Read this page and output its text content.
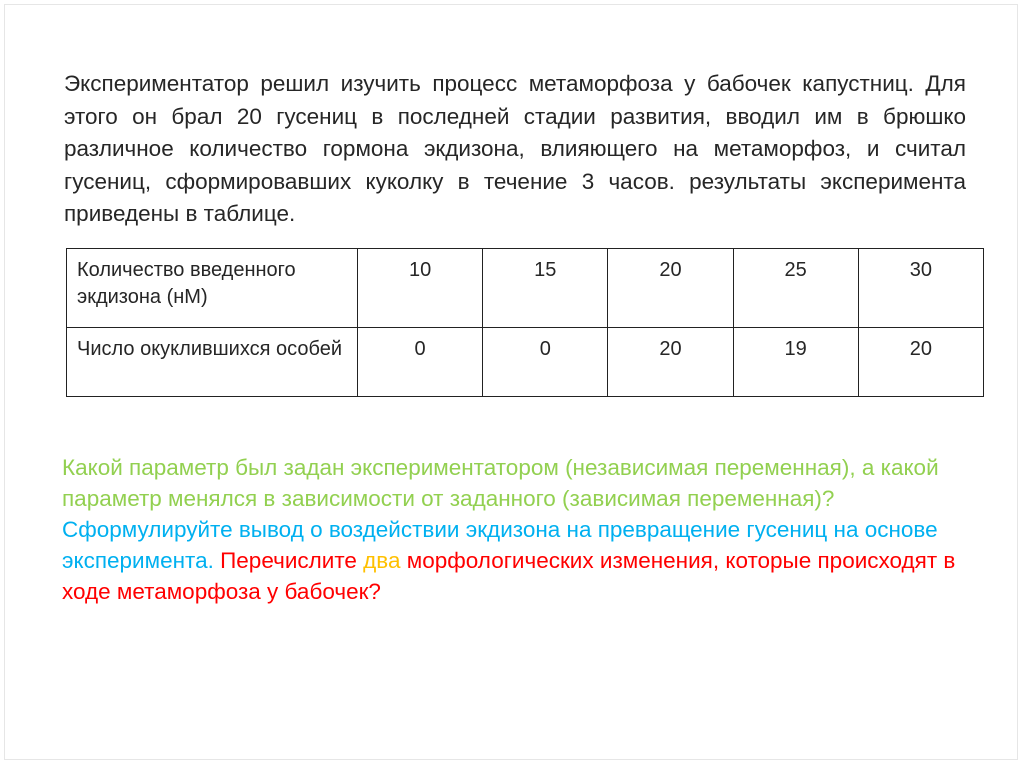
Экспериментатор решил изучить процесс метаморфоза у бабочек капустниц. Для этого он брал 20 гусениц в последней стадии развития, вводил им в брюшко различное количество гормона экдизона, влияющего на метаморфоз, и считал гусениц, сформировавших куколку в течение 3 часов. результаты эксперимента приведены в таблице.

Количество введенного экдизона (нМ)	10	15	20	25	30
Число окуклившихся особей	0	0	20	19	20

Какой параметр был задан экспериментатором (независимая переменная), а какой параметр менялся в зависимости от заданного (зависимая переменная)? Сформулируйте вывод о воздействии экдизона на превращение гусениц на основе эксперимента. Перечислите два морфологических изменения, которые происходят в ходе метаморфоза у бабочек?
